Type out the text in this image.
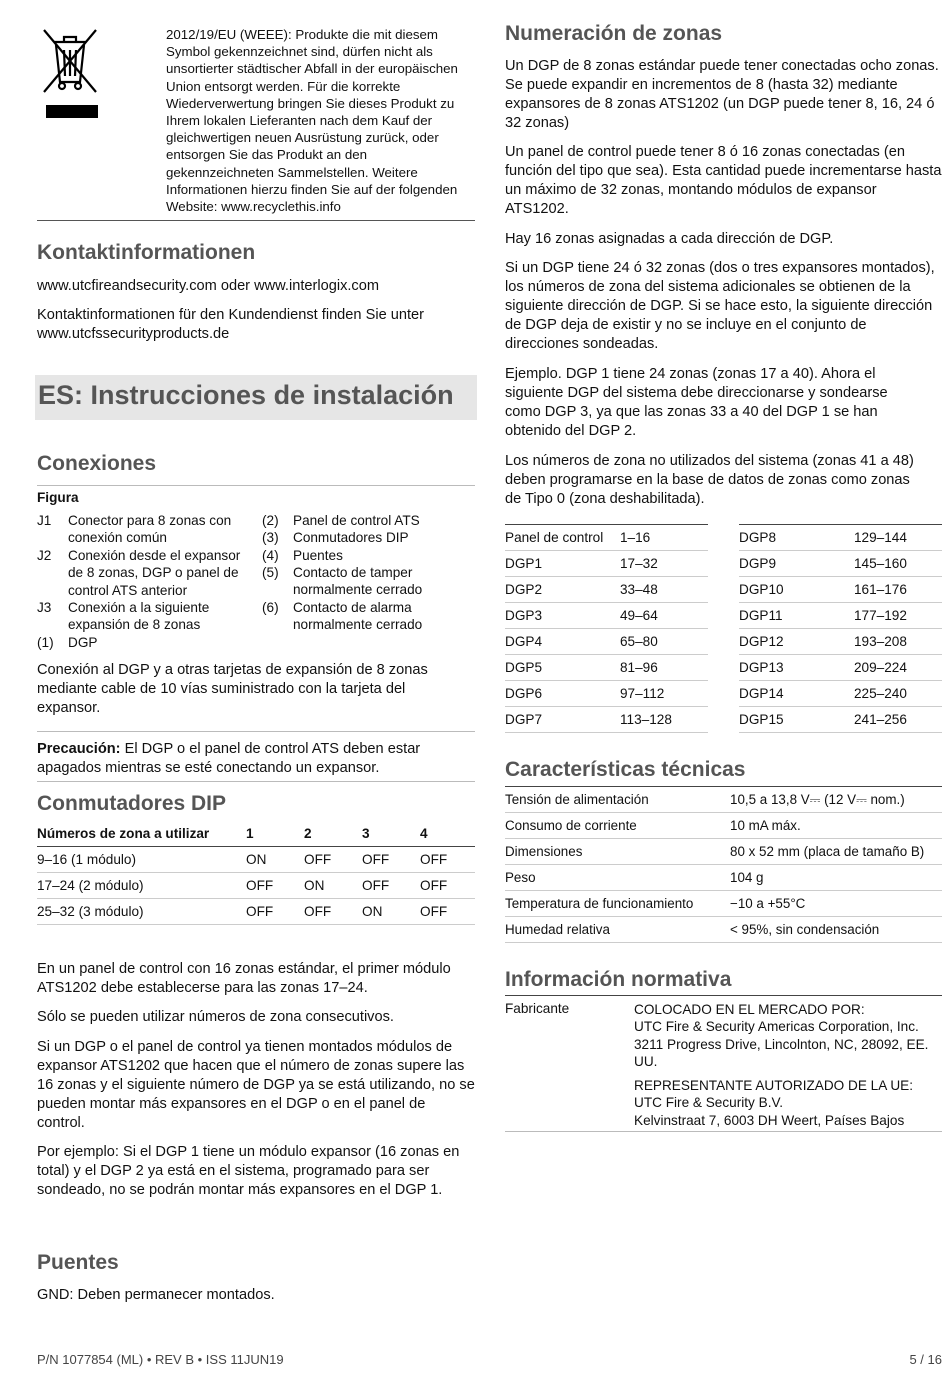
2012/19/EU (WEEE): Produkte die mit diesem Symbol gekennzeichnet sind, dürfen nicht als unsortierter städtischer Abfall in der europäischen Union entsorgt werden. Für die korrekte Wiederverwertung bringen Sie dieses Produkt zu Ihrem lokalen Lieferanten nach dem Kauf der gleichwertigen neuen Ausrüstung zurück, oder entsorgen Sie das Produkt an den gekennzeichneten Sammelstellen. Weitere Informationen hierzu finden Sie auf der folgenden Website: www.recyclethis.info
Kontaktinformationen

www.utcfireandsecurity.com oder www.interlogix.com

Kontaktinformationen für den Kundendienst finden Sie unter www.utcfssecurityproducts.de

ES: Instrucciones de instalación
Conexiones
Figura
J1 Conector para 8 zonas con conexión común
J2 Conexión desde el expansor de 8 zonas, DGP o panel de control ATS anterior
J3 Conexión a la siguiente expansión de 8 zonas
(1) DGP
(2) Panel de control ATS
(3) Conmutadores DIP
(4) Puentes
(5) Contacto de tamper normalmente cerrado
(6) Contacto de alarma normalmente cerrado

Conexión al DGP y a otras tarjetas de expansión de 8 zonas mediante cable de 10 vías suministrado con la tarjeta del expansor.

Precaución: El DGP o el panel de control ATS deben estar apagados mientras se esté conectando un expansor.

Conmutadores DIP
Números de zona a utilizar	1	2	3	4
9–16 (1 módulo)	ON	OFF	OFF	OFF
17–24 (2 módulo)	OFF	ON	OFF	OFF
25–32 (3 módulo)	OFF	OFF	ON	OFF

En un panel de control con 16 zonas estándar, el primer módulo ATS1202 debe establecerse para las zonas 17–24.

Sólo se pueden utilizar números de zona consecutivos.

Si un DGP o el panel de control ya tienen montados módulos de expansor ATS1202 que hacen que el número de zonas supere las 16 zonas y el siguiente número de DGP ya se está utilizando, no se pueden montar más expansores en el DGP o en el panel de control.

Por ejemplo: Si el DGP 1 tiene un módulo expansor (16 zonas en total) y el DGP 2 ya está en el sistema, programado para ser sondeado, no se podrán montar más expansores en el DGP 1.

Puentes

GND: Deben permanecer montados.

Numeración de zonas

Un DGP de 8 zonas estándar puede tener conectadas ocho zonas. Se puede expandir en incrementos de 8 (hasta 32) mediante expansores de 8 zonas ATS1202 (un DGP puede tener 8, 16, 24 ó 32 zonas)

Un panel de control puede tener 8 ó 16 zonas conectadas (en función del tipo que sea). Esta cantidad puede incrementarse hasta un máximo de 32 zonas, montando módulos de expansor ATS1202.

Hay 16 zonas asignadas a cada dirección de DGP.

Si un DGP tiene 24 ó 32 zonas (dos o tres expansores montados), los números de zona del sistema adicionales se obtienen de la siguiente dirección de DGP. Si se hace esto, la siguiente dirección de DGP deja de existir y no se incluye en el conjunto de direcciones sondeadas.

Ejemplo. DGP 1 tiene 24 zonas (zonas 17 a 40). Ahora el siguiente DGP del sistema debe direccionarse y sondearse como DGP 3, ya que las zonas 33 a 40 del DGP 1 se han obtenido del DGP 2.

Los números de zona no utilizados del sistema (zonas 41 a 48) deben programarse en la base de datos de zonas como zonas de Tipo 0 (zona deshabilitada).

Panel de control	1–16
DGP1	17–32
DGP2	33–48
DGP3	49–64
DGP4	65–80
DGP5	81–96
DGP6	97–112
DGP7	113–128
DGP8	129–144
DGP9	145–160
DGP10	161–176
DGP11	177–192
DGP12	193–208
DGP13	209–224
DGP14	225–240
DGP15	241–256
Características técnicas
Tensión de alimentación	10,5 a 13,8 V⎓ (12 V⎓ nom.)
Consumo de corriente	10 mA máx.
Dimensiones	80 x 52 mm (placa de tamaño B)
Peso	104 g
Temperatura de funcionamiento	−10 a +55°C
Humedad relativa	< 95%, sin condensación
Información normativa
Fabricante	COLOCADO EN EL MERCADO POR:
UTC Fire & Security Americas Corporation, Inc.
3211 Progress Drive, Lincolnton, NC, 28092, EE. UU.
REPRESENTANTE AUTORIZADO DE LA UE:
UTC Fire & Security B.V.
Kelvinstraat 7, 6003 DH Weert, Países Bajos
P/N 1077854 (ML) • REV B • ISS 11JUN19	5 / 16
